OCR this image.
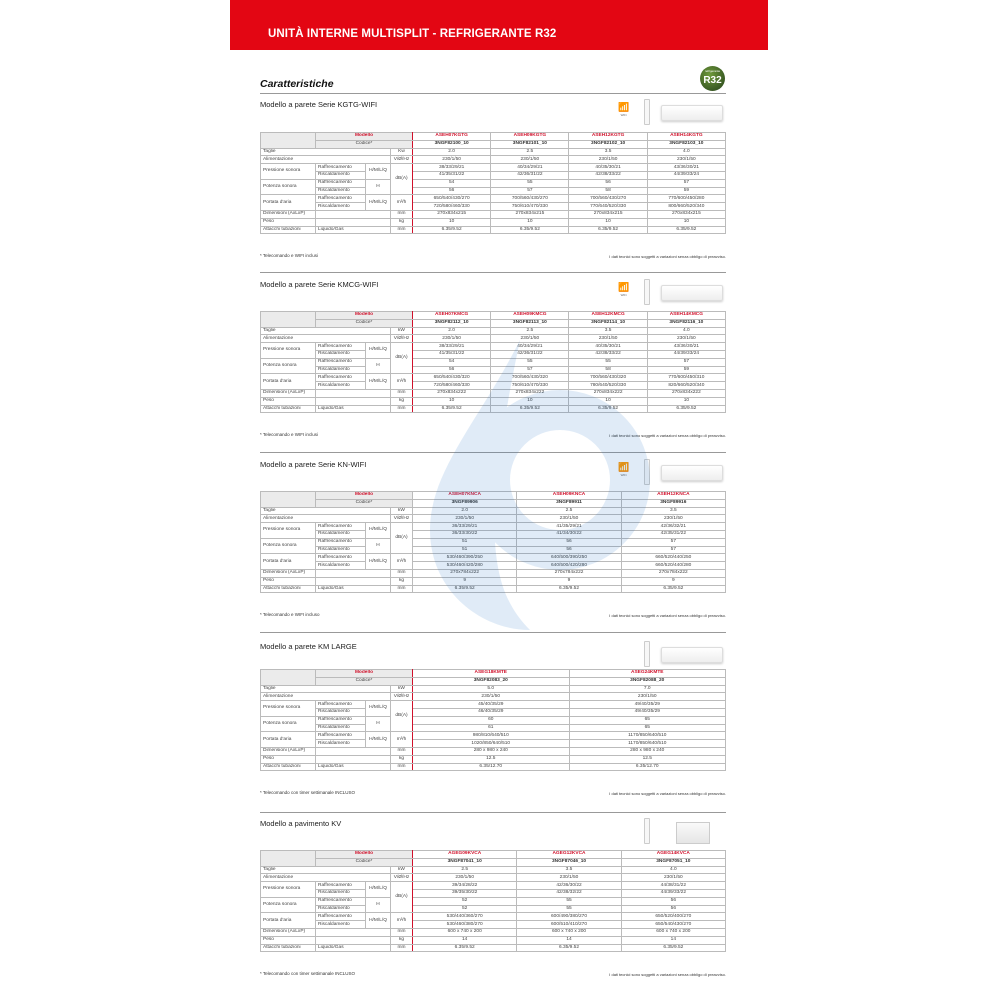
UNITÀ INTERNE MULTISPLIT - REFRIGERANTE R32
Caratteristiche
refrigerante
R32
Modello a parete Serie KGTG-WIFI	📶
WiFi
	Modello			ASEH07KGTG	ASEH09KGTG	ASEH12KGTG	ASEH14KGTG
	Codice*			3NGF82100_10	3NGF82101_10	3NGF82102_10	3NGF82103_10
Taglie			Kw	2.0	2.5	3.5	4.0
Alimentazione			V/Ø/Hz	230/1/50	230/1/50	230/1/50	230/1/50
Pressione sonora	Raffrescamento	H/M/L/Q	dB(A)	38/33/29/21	40/34/29/21	40/35/30/21	43/36/30/21
	Riscaldamento			41/35/31/22	42/36/31/22	42/38/33/22	44/39/33/24
Potenza sonora	Raffrescamento	H		54	55	56	57
	Riscaldamento			56	57	58	59
Portata d'aria	Raffrescamento	H/M/L/Q	m³/h	650/540/430/270	700/560/430/270	700/560/430/270	770/600/450/280
	Riscaldamento			720/580/460/330	750/610/470/330	770/640/520/330	800/660/520/340
Dimensioni (AxLxP)			mm	270x834x215	270x834x215	270x834x215	270x834x215
Peso			kg	10	10	10	10
Attacchi tubazioni	Liquido/Gas		mm	6.35/9.52	6.35/9.52	6.35/9.52	6.35/9.52
* Telecomando e WIFI inclusi	I dati tecnici sono soggetti a variazioni senza obbligo di preavviso.
Modello a parete Serie KMCG-WIFI	📶
WiFi
	Modello			ASEH07KMCG	ASEH09KMCG	ASEH12KMCG	ASEH14KMCG
	Codice*			3NGF82112_10	3NGF82113_10	3NGF82114_10	3NGF82116_10
Taglie			kW	2.0	2.5	3.5	4.0
Alimentazione			V/Ø/Hz	230/1/50	230/1/50	230/1/50	230/1/50
Pressione sonora	Raffrescamento	H/M/L/Q	dB(A)	38/33/29/21	40/34/29/21	40/35/30/21	43/36/30/21
	Riscaldamento			41/35/31/22	42/36/31/22	42/38/33/22	44/39/33/24
Potenza sonora	Raffrescamento	H		54	55	55	57
	Riscaldamento			56	57	58	59
Portata d'aria	Raffrescamento	H/M/L/Q	m³/h	650/540/430/320	700/560/430/320	700/560/430/320	770/600/450/310
	Riscaldamento			720/580/460/330	750/610/470/330	780/640/520/330	820/660/520/340
Dimensioni (AxLxP)			mm	270x834x222	270x834x222	270x834x222	270x834x222
Peso			kg	10	10	10	10
Attacchi tubazioni	Liquido/Gas		mm	6.35/9.52	6.35/9.52	6.35/9.52	6.35/9.52
* Telecomando e WIFI inclusi	I dati tecnici sono soggetti a variazioni senza obbligo di preavviso.
Modello a parete Serie KN-WIFI	📶
WiFi
	Modello			ASEH07KNCA	ASEH09KNCA	ASEH12KNCA
	Codice*			3NGF89906	3NGF89911	3NGF89916
Taglie			kW	2.0	2.5	3.5
Alimentazione			V/Ø/Hz	230/1/50	230/1/50	230/1/50
Pressione sonora	Raffrescamento	H/M/L/Q	dB(A)	36/33/29/21	41/35/29/21	42/36/32/21
	Riscaldamento			36/33/30/22	41/34/30/22	42/35/31/22
Potenza sonora	Raffrescamento	H		51	56	57
	Riscaldamento			51	56	57
Portata d'aria	Raffrescamento	H/M/L/Q	m³/h	530/460/390/250	640/500/390/250	660/520/440/250
	Riscaldamento			530/460/420/280	640/500/420/280	660/520/440/280
Dimensioni (AxLxP)			mm	270x784x222	270x784x222	270x784x222
Peso			kg	9	9	9
Attacchi tubazioni	Liquido/Gas		mm	6.35/9.52	6.35/9.52	6.35/9.52
* Telecomando e WIFI incluso	I dati tecnici sono soggetti a variazioni senza obbligo di preavviso.
Modello a parete KM LARGE
	Modello			ASEG18KMTE	ASEG24KMTE
	Codice*			3NGF82083_20	3NGF82088_20
Taglie			kW	5.0	7.0
Alimentazione			V/Ø/Hz	230/1/50	230/1/50
Pressione sonora	Raffrescamento	H/M/L/Q	dB(A)	45/40/35/29	49/40/35/29
	Riscaldamento			46/40/35/29	49/40/35/29
Potenza sonora	Raffrescamento	H		60	65
	Riscaldamento			61	65
Portata d'aria	Raffrescamento	H/M/L/Q	m³/h	980/810/640/510	1170/850/640/510
	Riscaldamento			1020/850/640/510	1170/850/640/510
Dimensioni (AxLxP)			mm	280 x 980 x 240	280 x 980 x 240
Peso			kg	12.5	12.5
Attacchi tubazioni	Liquido/Gas		mm	6.35/12.70	6.35/12.70
* Telecomando con timer settimanale INCLUSO	I dati tecnici sono soggetti a variazioni senza obbligo di preavviso.
Modello a pavimento KV
	Modello			AGEG09KVCA	AGEG12KVCA	AGEG14KVCA
	Codice*			3NGF87041_10	3NGF87046_10	3NGF87051_10
Taglie			kW	2.5	3.5	4.0
Alimentazione			V/Ø/Hz	230/1/50	230/1/50	230/1/50
Pressione sonora	Raffrescamento	H/M/L/Q	dB(A)	39/34/28/22	42/36/30/22	44/38/31/22
	Riscaldamento			39/35/30/22	42/38/32/22	44/39/33/22
Potenza sonora	Raffrescamento	H		52	55	56
	Riscaldamento			52	55	56
Portata d'aria	Raffrescamento	H/M/L/Q	m³/h	530/440/360/270	600/490/380/270	650/520/400/270
	Riscaldamento			530/460/380/270	600/510/410/270	650/540/430/270
Dimensioni (AxLxP)			mm	600 x 740 x 200	600 x 740 x 200	600 x 740 x 200
Peso			kg	14	14	14
Attacchi tubazioni	Liquido/Gas		mm	6.35/9.52	6.35/9.52	6.35/9.52
* Telecomando con timer settimanale INCLUSO	I dati tecnici sono soggetti a variazioni senza obbligo di preavviso.
